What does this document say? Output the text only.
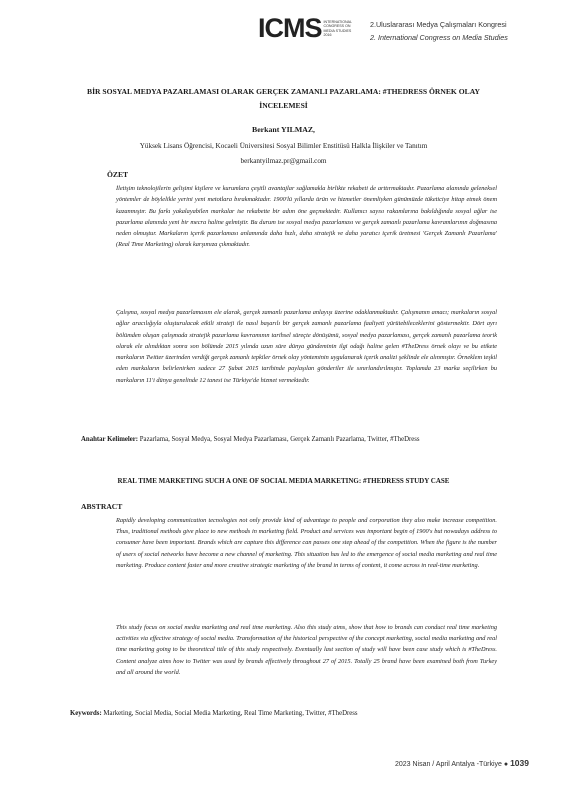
ICMS INTERNATIONAL
CONGRESS ON
MEDIA STUDIES
2016
2.Uluslararası Medya Çalışmaları Kongresi
2. International Congress on Media Studies
BİR SOSYAL MEDYA PAZARLAMASI OLARAK GERÇEK ZAMANLI PAZARLAMA: #THEDRESS ÖRNEK OLAY İNCELEMESİ
Berkant YILMAZ,
Yüksek Lisans Öğrencisi, Kocaeli Üniversitesi Sosyal Bilimler Enstitüsü Halkla İlişkiler ve Tanıtım
berkantyilmaz.pr@gmail.com
ÖZET
İletişim teknolojilerin gelişimi kişilere ve kurumlara çeşitli avantajlar sağlamakla birlikte rekabeti de arttırmaktadır. Pazarlama alanında geleneksel yöntemler de böylelikle yerini yeni metotlara bırakmaktadır. 1900'lü yıllarda ürün ve hizmetler önemliyken günümüzde tüketiciye hitap etmek önem kazanmıştır. Bu farkı yakalayabilen markalar ise rekabette bir adım öne geçmektedir. Kullanıcı sayısı rakamlarına bakıldığında sosyal ağlar ise pazarlama alanında yeni bir mecra haline gelmiştir. Bu durum ise sosyal medya pazarlaması ve gerçek zamanlı pazarlama kavramlarının doğmasına neden olmuştur. Markaların içerik pazarlaması anlamında daha hızlı, daha stratejik ve daha yaratıcı içerik üretmesi 'Gerçek Zamanlı Pazarlama' (Real Time Marketing) olarak karşımıza çıkmaktadır.
Çalışma, sosyal medya pazarlamasını ele alarak, gerçek zamanlı pazarlama anlayışı üzerine odaklanmaktadır. Çalışmanın amacı; markaların sosyal ağlar aracılığıyla oluşturulacak etkili strateji ile nasıl başarılı bir gerçek zamanlı pazarlama faaliyeti yürütebileceklerini göstermektir. Dört ayrı bölümden oluşan çalışmada stratejik pazarlama kavramının tarihsel süreçte dönüşümü, sosyal medya pazarlaması, gerçek zamanlı pazarlama teorik olarak ele alındıktan sonra son bölümde 2015 yılında uzun süre dünya gündeminin ilgi odağı haline gelen #TheDress örnek olayı ve bu etikete markaların Twitter üzerinden verdiği gerçek zamanlı tepkiler örnek olay yönteminin uygulanarak içerik analizi şeklinde ele alınmıştır. Örneklem teşkil eden markaların belirlenirken sadece 27 Şubat 2015 tarihinde paylaşılan gönderiler ile sınırlandırılmıştır. Toplamda 23 marka seçilirken bu markaların 11'i dünya genelinde 12 tanesi ise Türkiye'de hizmet vermektedir.
Anahtar Kelimeler: Pazarlama, Sosyal Medya, Sosyal Medya Pazarlaması, Gerçek Zamanlı Pazarlama, Twitter, #TheDress
REAL TIME MARKETING SUCH A ONE OF SOCIAL MEDIA MARKETING: #THEDRESS STUDY CASE
ABSTRACT
Rapidly developing communication tecnologies not only provide kind of advantage to people and corporation they also make increase competition. Thus, traditional methods give place to new methods in marketing field. Product and services was important begin of 1900's but nowadays address to consumer have been important. Brands which are capture this difference can passes one step ahead of the competition. When the figure is the number of users of social networks have become a new channel of marketing. This situation has led to the emergence of social media marketing and real time marketing. Produce content faster and more creative strategic marketing of the brand in terms of content, it come across in real-time marketing.
This study focus on social media marketing and real time marketing. Also this study aims, show that how to brands can conduct real time marketing activities via effective strategy of social media. Transformation of the historical perspective of the concept marketing, social media marketing and real time marketing going to be theoretical title of this study respectively. Eventually last section of study will have been case study which is #TheDress. Content analyze aims how to Twitter was used by brands effectively throughout 27 of 2015. Totally 25 brand have been examined both from Turkey and all around the world.
Keywords: Marketing, Social Media, Social Media Marketing, Real Time Marketing, Twitter, #TheDress
2023 Nisan / April Antalya -Türkiye ● 1039
